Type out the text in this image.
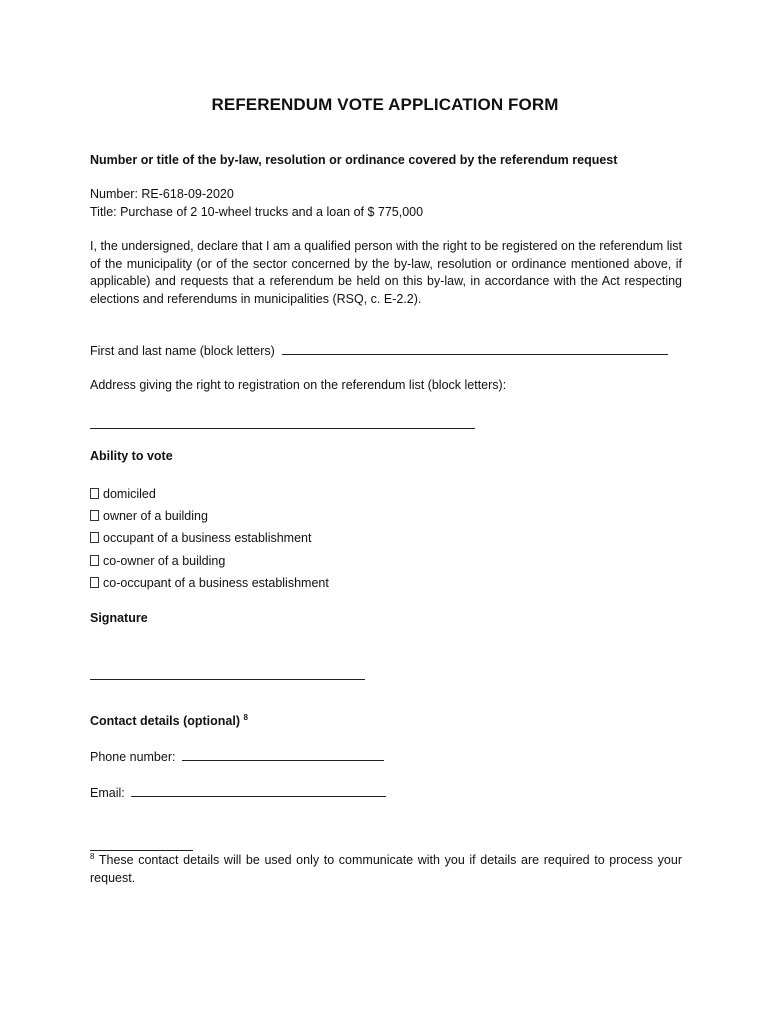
REFERENDUM VOTE APPLICATION FORM
Number or title of the by-law, resolution or ordinance covered by the referendum request
Number: RE-618-09-2020
Title: Purchase of 2 10-wheel trucks and a loan of $ 775,000
I, the undersigned, declare that I am a qualified person with the right to be registered on the referendum list of the municipality (or of the sector concerned by the by-law, resolution or ordinance mentioned above, if applicable) and requests that a referendum be held on this by-law, in accordance with the Act respecting elections and referendums in municipalities (RSQ, c. E-2.2).
First and last name (block letters)
Address giving the right to registration on the referendum list (block letters):
Ability to vote
domiciled
owner of a building
occupant of a business establishment
co-owner of a building
co-occupant of a business establishment
Signature
Contact details (optional) $^8$
Phone number:
Email:
$^8$ These contact details will be used only to communicate with you if details are required to process your request.
